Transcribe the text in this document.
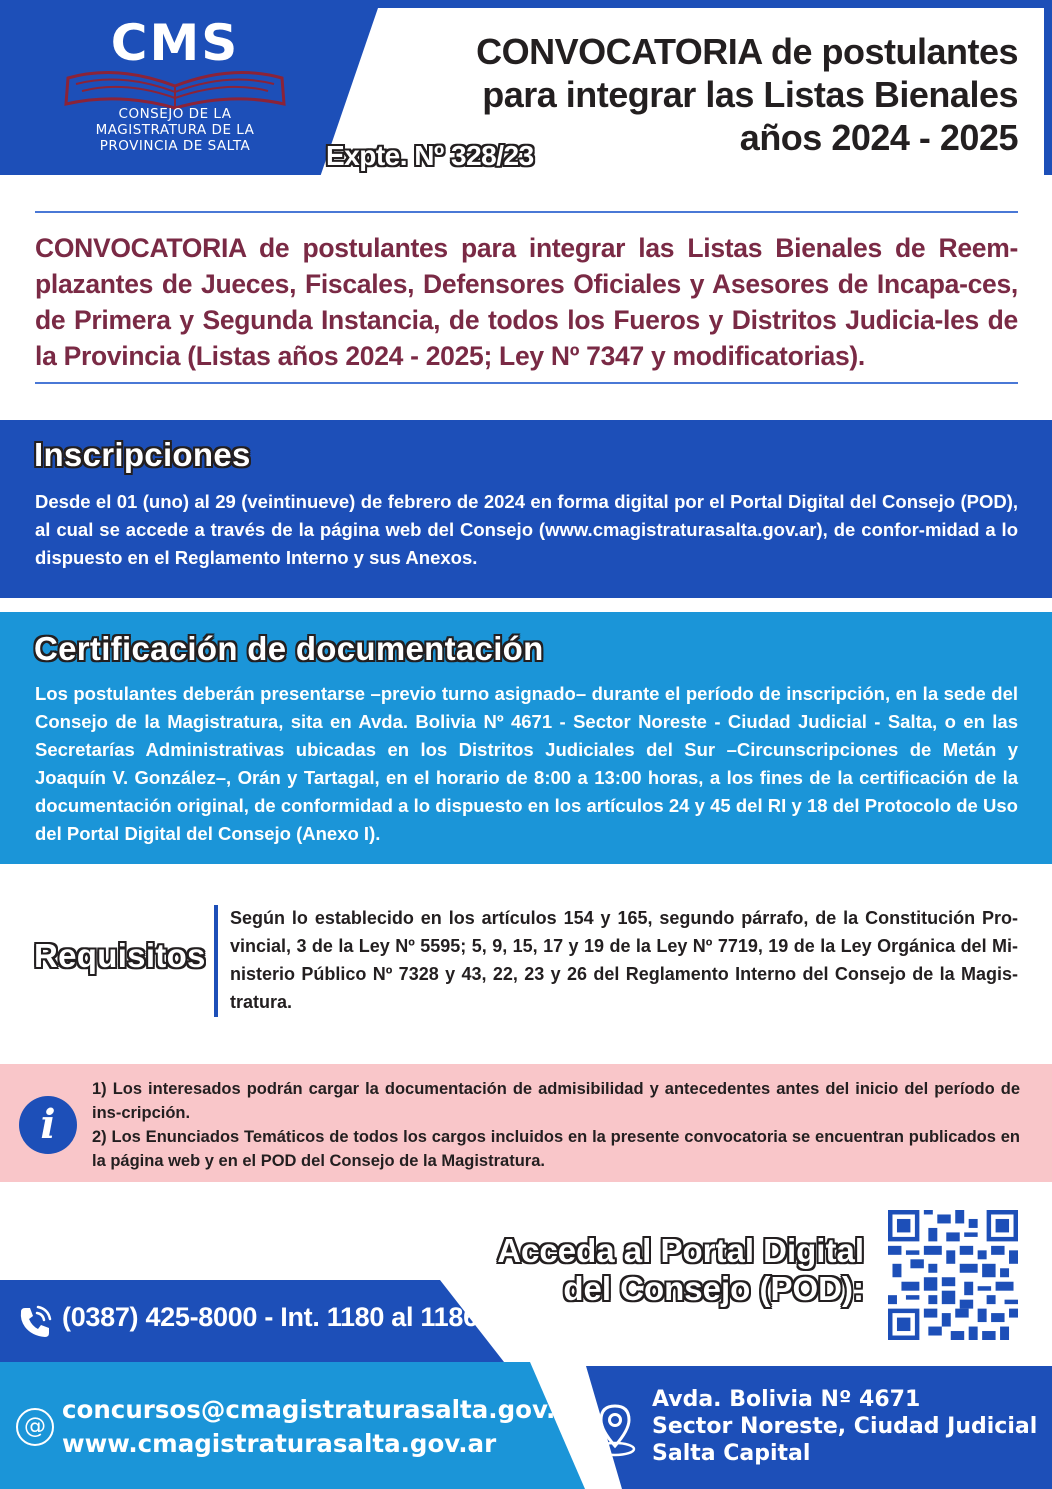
CMS
CONSEJO DE LA
MAGISTRATURA DE LA
PROVINCIA DE SALTA
CONVOCATORIA de postulantes
para integrar las Listas Bienales
años 2024 - 2025
Expte. Nº 328/23
CONVOCATORIA de postulantes para integrar las Listas Bienales de Reem-plazantes de Jueces, Fiscales, Defensores Oficiales y Asesores de Incapa-ces, de Primera y Segunda Instancia, de todos los Fueros y Distritos Judicia-les de la Provincia (Listas años 2024 - 2025; Ley Nº 7347 y modificatorias).
Inscripciones
Desde el 01 (uno) al 29 (veintinueve) de febrero de 2024 en forma digital por el Portal Digital del Consejo (POD), al cual se accede a través de la página web del Consejo (www.cmagistraturasalta.gov.ar), de confor-midad a lo dispuesto en el Reglamento Interno y sus Anexos.
Certificación de documentación
Los postulantes deberán presentarse –previo turno asignado– durante el período de inscripción, en la sede del Consejo de la Magistratura, sita en Avda. Bolivia Nº 4671 - Sector Noreste - Ciudad Judicial - Salta, o en las Secretarías Administrativas ubicadas en los Distritos Judiciales del Sur –Circunscripciones de Metán y Joaquín V. González–, Orán y Tartagal, en el horario de 8:00 a 13:00 horas, a los fines de la certificación de la documentación original, de conformidad a lo dispuesto en los artículos 24 y 45 del RI y 18 del Protocolo de Uso del Portal Digital del Consejo (Anexo I).
Requisitos
Según lo establecido en los artículos 154 y 165, segundo párrafo, de la Constitución Pro-vincial, 3 de la Ley Nº 5595; 5, 9, 15, 17 y 19 de la Ley Nº 7719, 19 de la Ley Orgánica del Mi-nisterio Público Nº 7328 y 43, 22, 23 y 26 del Reglamento Interno del Consejo de la Magis-tratura.
i
1) Los interesados podrán cargar la documentación de admisibilidad y antecedentes antes del inicio del período de ins-cripción.
2) Los Enunciados Temáticos de todos los cargos incluidos en la presente convocatoria se encuentran publicados en la página web y en el POD del Consejo de la Magistratura.
Acceda al Portal Digital
del Consejo (POD):
(0387) 425-8000 - Int. 1180 al 1186
@
concursos@cmagistraturasalta.gov.ar
www.cmagistraturasalta.gov.ar
Avda. Bolivia Nº 4671
Sector Noreste, Ciudad Judicial
Salta Capital
